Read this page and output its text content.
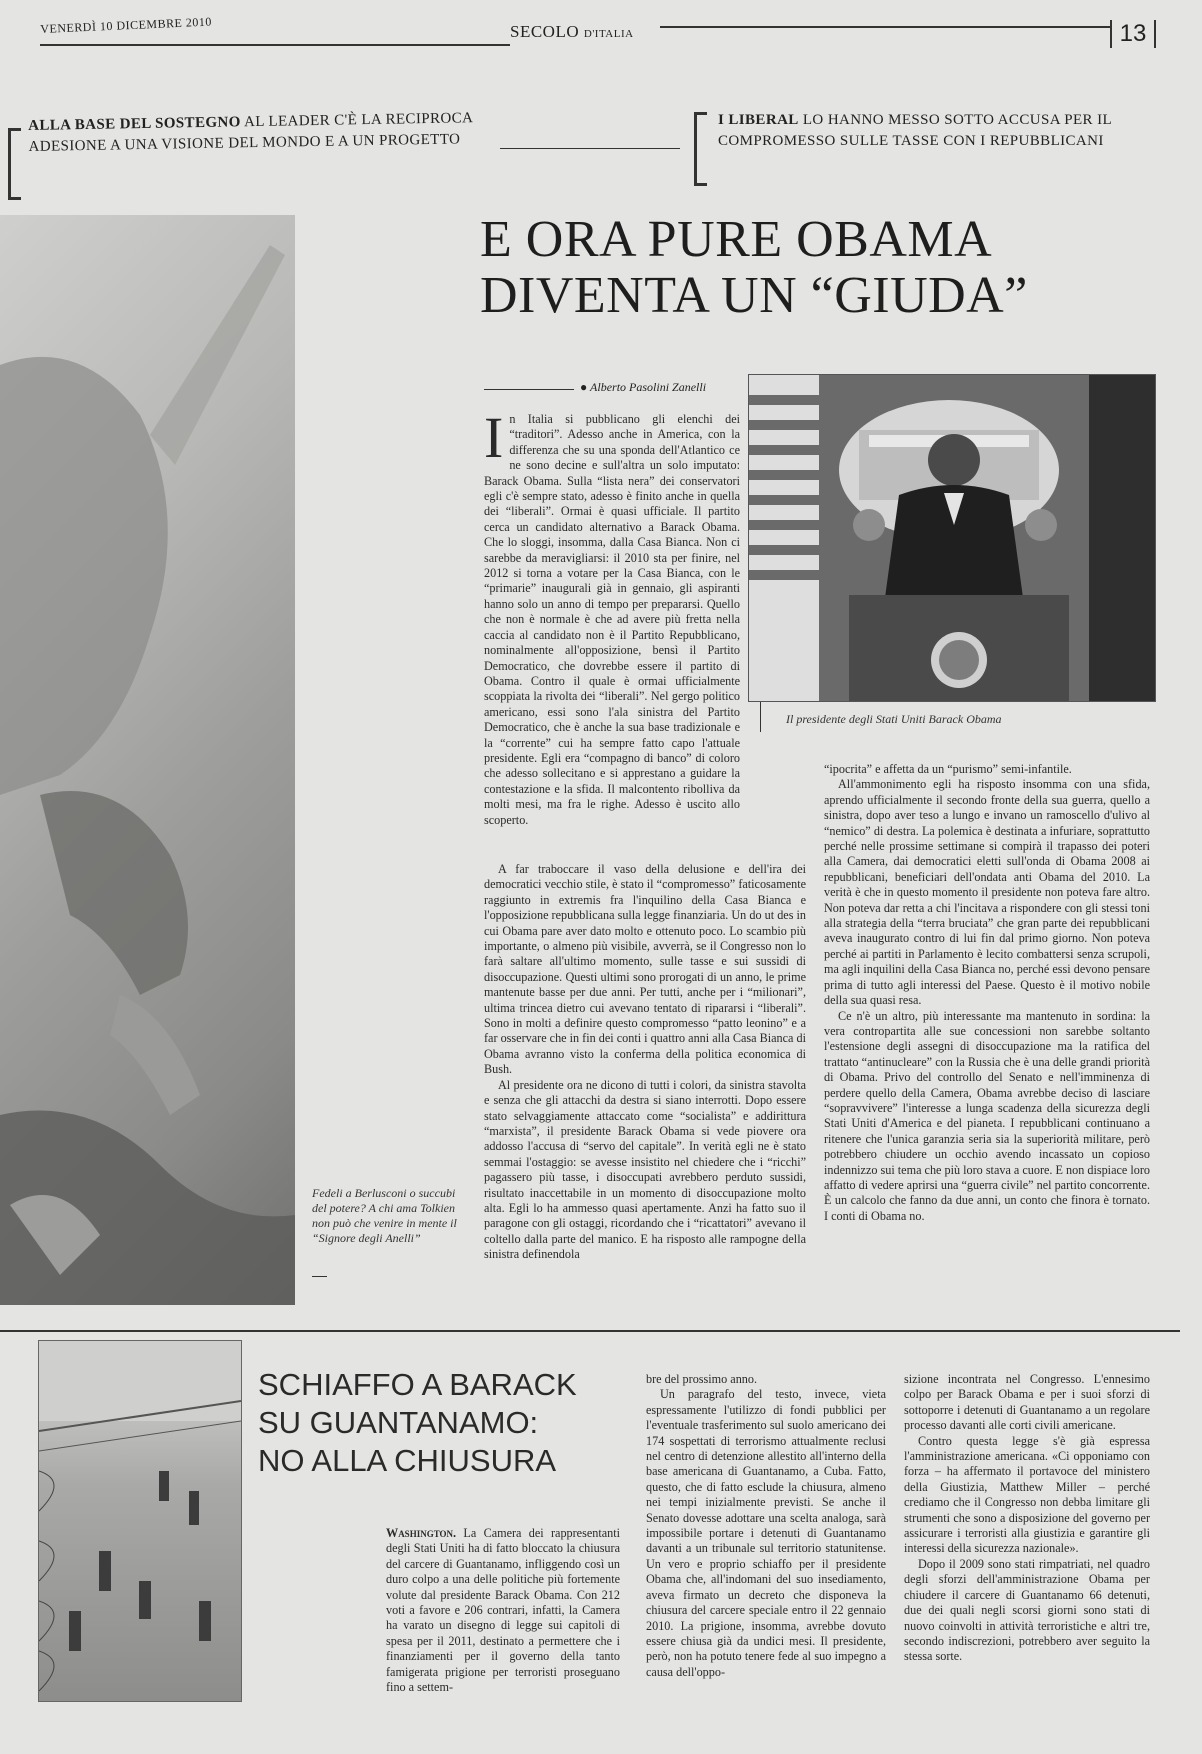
VENERDÌ 10 DICEMBRE 2010	SECOLO D'ITALIA	13
ALLA BASE DEL SOSTEGNO AL LEADER C'È LA RECIPROCA ADESIONE A UNA VISIONE DEL MONDO E A UN PROGETTO
I LIBERAL LO HANNO MESSO SOTTO ACCUSA PER IL COMPROMESSO SULLE TASSE CON I REPUBBLICANI
Fedeli a Berlusconi o succubi del potere? A chi ama Tolkien non può che venire in mente il “Signore degli Anelli”
E ORA PURE OBAMA
DIVENTA UN “GIUDA”
● Alberto Pasolini Zanelli
I n Italia si pubblicano gli elenchi dei “traditori”. Adesso anche in America, con la differenza che su una sponda dell'Atlantico ce ne sono decine e sull'altra un solo imputato: Barack Obama. Sulla “lista nera” dei conservatori egli c'è sempre stato, adesso è finito anche in quella dei “liberali”. Ormai è quasi ufficiale. Il partito cerca un candidato alternativo a Barack Obama. Che lo sloggi, insomma, dalla Casa Bianca. Non ci sarebbe da meravigliarsi: il 2010 sta per finire, nel 2012 si torna a votare per la Casa Bianca, con le “primarie” inaugurali già in gennaio, gli aspiranti hanno solo un anno di tempo per prepararsi. Quello che non è normale è che ad avere più fretta nella caccia al candidato non è il Partito Repubblicano, nominalmente all'opposizione, bensì il Partito Democratico, che dovrebbe essere il partito di Obama. Contro il quale è ormai ufficialmente scoppiata la rivolta dei “liberali”. Nel gergo politico americano, essi sono l'ala sinistra del Partito Democratico, che è anche la sua base tradizionale e la “corrente” cui ha sempre fatto capo l'attuale presidente. Egli era “compagno di banco” di coloro che adesso sollecitano e si apprestano a guidare la contestazione e la sfida. Il malcontento ribolliva da molti mesi, ma fra le righe. Adesso è uscito allo scoperto.

A far traboccare il vaso della delusione e dell'ira dei democratici vecchio stile, è stato il “compromesso” faticosamente raggiunto in extremis fra l'inquilino della Casa Bianca e l'opposizione repubblicana sulla legge finanziaria. Un do ut des in cui Obama pare aver dato molto e ottenuto poco. Lo scambio più importante, o almeno più visibile, avverrà, se il Congresso non lo farà saltare all'ultimo momento, sulle tasse e sui sussidi di disoccupazione. Questi ultimi sono prorogati di un anno, le prime mantenute basse per due anni. Per tutti, anche per i “milionari”, ultima trincea dietro cui avevano tentato di ripararsi i “liberali”. Sono in molti a definire questo compromesso “patto leonino” e a far osservare che in fin dei conti i quattro anni alla Casa Bianca di Obama avranno visto la conferma della politica economica di Bush.

Al presidente ora ne dicono di tutti i colori, da sinistra stavolta e senza che gli attacchi da destra si siano interrotti. Dopo essere stato selvaggiamente attaccato come “socialista” e addirittura “marxista”, il presidente Barack Obama si vede piovere ora addosso l'accusa di “servo del capitale”. In verità egli ne è stato semmai l'ostaggio: se avesse insistito nel chiedere che i “ricchi” pagassero più tasse, i disoccupati avrebbero perduto sussidi, risultato inaccettabile in un momento di disoccupazione molto alta. Egli lo ha ammesso quasi apertamente. Anzi ha fatto suo il paragone con gli ostaggi, ricordando che i “ricattatori” avevano il coltello dalla parte del manico. E ha risposto alle rampogne della sinistra definendola

Il presidente degli Stati Uniti Barack Obama

“ipocrita” e affetta da un “purismo” semi-infantile.

All'ammonimento egli ha risposto insomma con una sfida, aprendo ufficialmente il secondo fronte della sua guerra, quello a sinistra, dopo aver teso a lungo e invano un ramoscello d'ulivo al “nemico” di destra. La polemica è destinata a infuriare, soprattutto perché nelle prossime settimane si compirà il trapasso dei poteri alla Camera, dai democratici eletti sull'onda di Obama 2008 ai repubblicani, beneficiari dell'ondata anti Obama del 2010. La verità è che in questo momento il presidente non poteva fare altro. Non poteva dar retta a chi l'incitava a rispondere con gli stessi toni alla strategia della “terra bruciata” che gran parte dei repubblicani aveva inaugurato contro di lui fin dal primo giorno. Non poteva perché ai partiti in Parlamento è lecito combattersi senza scrupoli, ma agli inquilini della Casa Bianca no, perché essi devono pensare prima di tutto agli interessi del Paese. Questo è il motivo nobile della sua quasi resa.

Ce n'è un altro, più interessante ma mantenuto in sordina: la vera contropartita alle sue concessioni non sarebbe soltanto l'estensione degli assegni di disoccupazione ma la ratifica del trattato “antinucleare” con la Russia che è una delle grandi priorità di Obama. Privo del controllo del Senato e nell'imminenza di perdere quello della Camera, Obama avrebbe deciso di lasciare “sopravvivere” l'interesse a lunga scadenza della sicurezza degli Stati Uniti d'America e del pianeta. I repubblicani continuano a ritenere che l'unica garanzia seria sia la superiorità militare, però potrebbero chiudere un occhio avendo incassato un copioso indennizzo sui tema che più loro stava a cuore. E non dispiace loro affatto di vedere aprirsi una “guerra civile” nel partito concorrente. È un calcolo che fanno da due anni, un conto che finora è tornato. I conti di Obama no.

SCHIAFFO A BARACK
SU GUANTANAMO:
NO ALLA CHIUSURA

Washington. La Camera dei rappresentanti degli Stati Uniti ha di fatto bloccato la chiusura del carcere di Guantanamo, infliggendo così un duro colpo a una delle politiche più fortemente volute dal presidente Barack Obama. Con 212 voti a favore e 206 contrari, infatti, la Camera ha varato un disegno di legge sui capitoli di spesa per il 2011, destinato a permettere che i finanziamenti per il governo della tanto famigerata prigione per terroristi proseguano fino a settem-

bre del prossimo anno.

Un paragrafo del testo, invece, vieta espressamente l'utilizzo di fondi pubblici per l'eventuale trasferimento sul suolo americano dei 174 sospettati di terrorismo attualmente reclusi nel centro di detenzione allestito all'interno della base americana di Guantanamo, a Cuba. Fatto, questo, che di fatto esclude la chiusura, almeno nei tempi inizialmente previsti. Se anche il Senato dovesse adottare una scelta analoga, sarà impossibile portare i detenuti di Guantanamo davanti a un tribunale sul territorio statunitense. Un vero e proprio schiaffo per il presidente Obama che, all'indomani del suo insediamento, aveva firmato un decreto che disponeva la chiusura del carcere speciale entro il 22 gennaio 2010. La prigione, insomma, avrebbe dovuto essere chiusa già da undici mesi. Il presidente, però, non ha potuto tenere fede al suo impegno a causa dell'oppo-

sizione incontrata nel Congresso. L'ennesimo colpo per Barack Obama e per i suoi sforzi di sottoporre i detenuti di Guantanamo a un regolare processo davanti alle corti civili americane.

Contro questa legge s'è già espressa l'amministrazione americana. «Ci opponiamo con forza – ha affermato il portavoce del ministero della Giustizia, Matthew Miller – perché crediamo che il Congresso non debba limitare gli strumenti che sono a disposizione del governo per assicurare i terroristi alla giustizia e garantire gli interessi della sicurezza nazionale».

Dopo il 2009 sono stati rimpatriati, nel quadro degli sforzi dell'amministrazione Obama per chiudere il carcere di Guantanamo 66 detenuti, due dei quali negli scorsi giorni sono stati di nuovo coinvolti in attività terroristiche e altri tre, secondo indiscrezioni, potrebbero aver seguito la stessa sorte.
